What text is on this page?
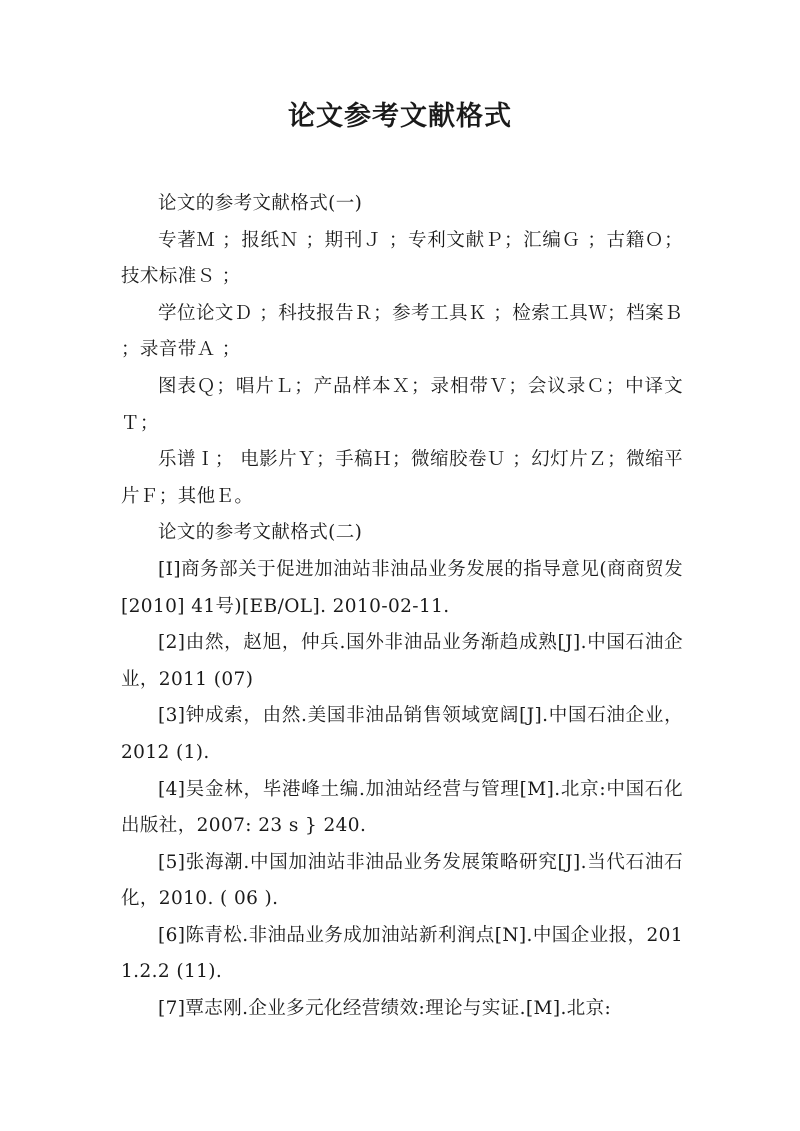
论文参考文献格式

论文的参考文献格式(一)

专著Ｍ ；报纸Ｎ ；期刊Ｊ ；专利文献Ｐ；汇编Ｇ ；古籍Ｏ；技术标准Ｓ ；

学位论文Ｄ ；科技报告Ｒ；参考工具Ｋ ；检索工具Ｗ；档案Ｂ ；录音带Ａ ；

图表Ｑ；唱片Ｌ；产品样本Ｘ；录相带Ｖ；会议录Ｃ；中译文Ｔ；

乐谱Ｉ； 电影片Ｙ；手稿Ｈ；微缩胶卷Ｕ ；幻灯片Ｚ；微缩平片Ｆ；其他Ｅ。

论文的参考文献格式(二)

[I]商务部关于促进加油站非油品业务发展的指导意见(商商贸发[2010] 41号)[EB/OL]. 2010-02-11.

[2]由然，赵旭，仲兵.国外非油品业务渐趋成熟[J].中国石油企业，2011 (07)

[3]钟成索，由然.美国非油品销售领域宽阔[J].中国石油企业，2012 (1).

[4]吴金林，毕港峰土编.加油站经营与管理[M].北京:中国石化出版社，2007: 23 s } 240.

[5]张海潮.中国加油站非油品业务发展策略研究[J].当代石油石化，2010. ( 06 ).

[6]陈青松.非油品业务成加油站新利润点[N].中国企业报，2011.2.2 (11).

[7]覃志刚.企业多元化经营绩效:理论与实证.[M].北京:
